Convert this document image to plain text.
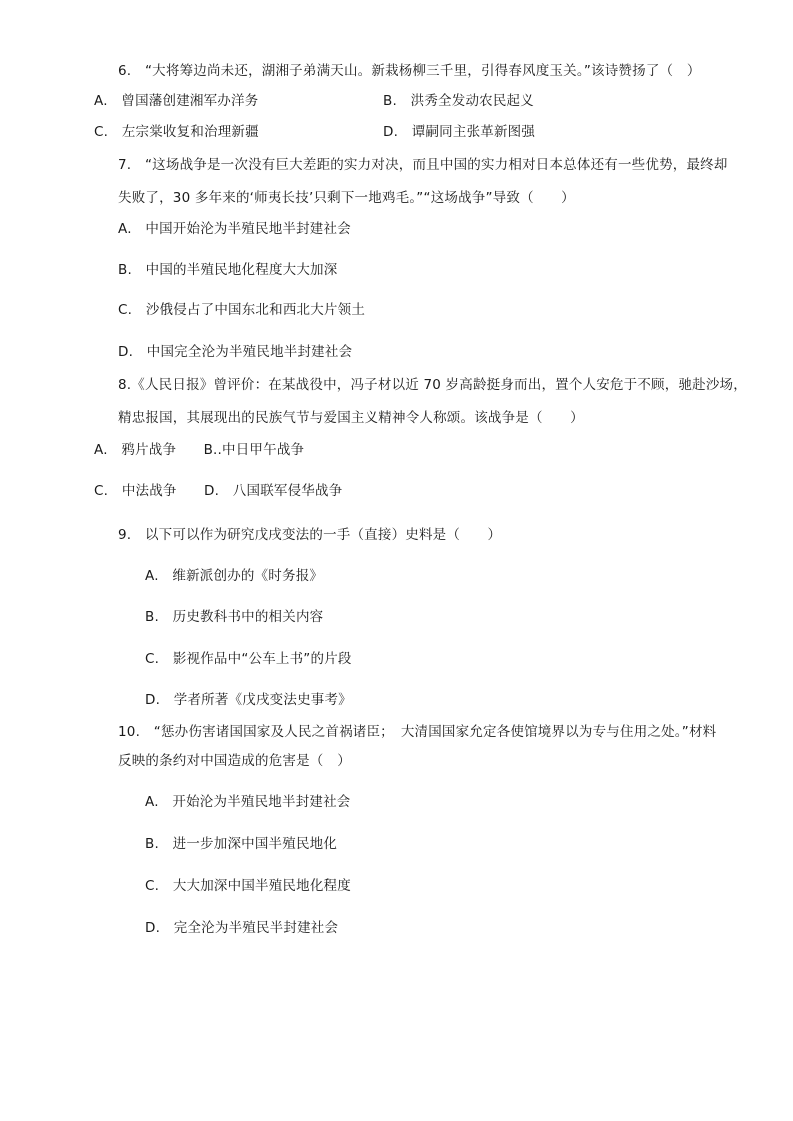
6.　“大将筹边尚未还，湖湘子弟满天山。新栽杨柳三千里，引得春风度玉关。”该诗赞扬了（　）
A.　曾国藩创建湘军办洋务	B.　洪秀全发动农民起义
C.　左宗棠收复和治理新疆	D.　谭嗣同主张革新图强
7.　“这场战争是一次没有巨大差距的实力对决，而且中国的实力相对日本总体还有一些优势，最终却
失败了，30 多年来的‘师夷长技’只剩下一地鸡毛。”“这场战争”导致（　　）
A.　中国开始沦为半殖民地半封建社会
B.　中国的半殖民地化程度大大加深
C.　沙俄侵占了中国东北和西北大片领土
D.　中国完全沦为半殖民地半封建社会
8.《人民日报》曾评价：在某战役中，冯子材以近 70 岁高龄挺身而出，置个人安危于不顾，驰赴沙场，
精忠报国，其展现出的民族气节与爱国主义精神令人称颂。该战争是（　　）
A.　鸦片战争　　B..中日甲午战争
C.　中法战争　　D.　八国联军侵华战争
9.　以下可以作为研究戊戌变法的一手（直接）史料是（　　）
A.　维新派创办的《时务报》
B.　历史教科书中的相关内容
C.　影视作品中“公车上书”的片段
D.　学者所著《戊戌变法史事考》
10.　“惩办伤害诸国国家及人民之首祸诸臣；　大清国国家允定各使馆境界以为专与住用之处。”材料
反映的条约对中国造成的危害是（　）
A.　开始沦为半殖民地半封建社会
B.　进一步加深中国半殖民地化
C.　大大加深中国半殖民地化程度
D.　完全沦为半殖民半封建社会
